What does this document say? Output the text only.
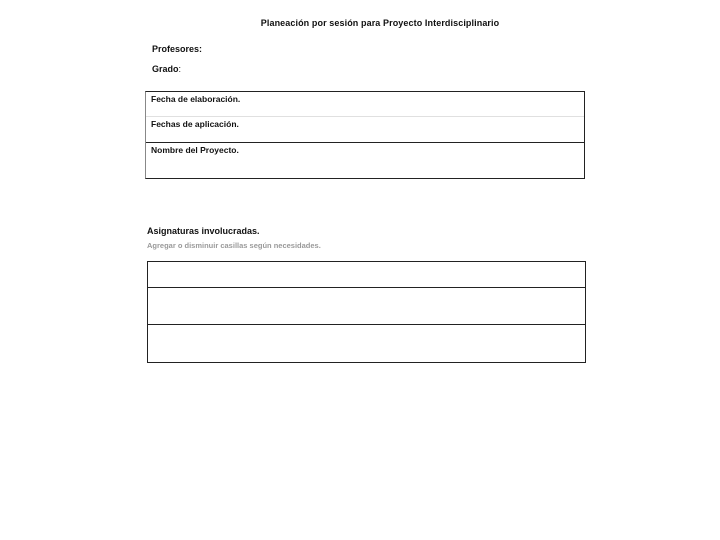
Planeación por sesión para Proyecto Interdisciplinario
Profesores:
Grado:
Fecha de elaboración.
Fechas de aplicación.
Nombre del Proyecto.
Asignaturas involucradas.
Agregar o disminuir casillas según necesidades.
